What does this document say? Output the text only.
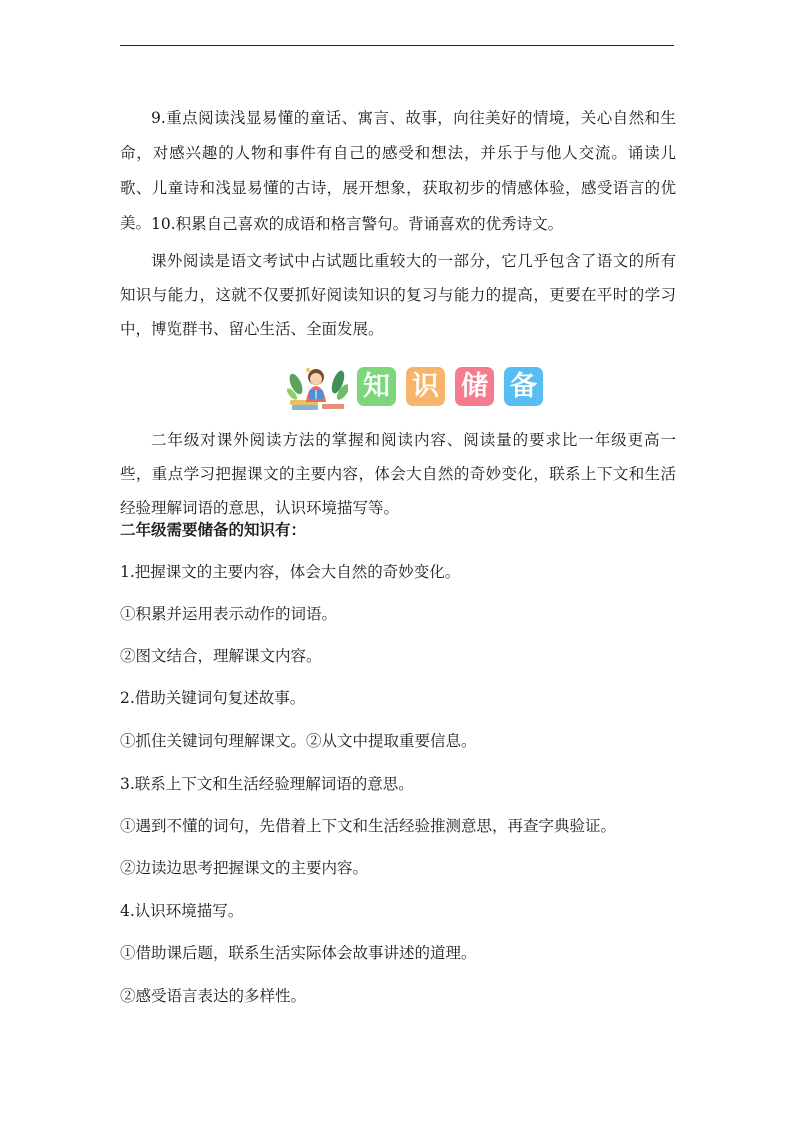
9.重点阅读浅显易懂的童话、寓言、故事，向往美好的情境，关心自然和生命，对感兴趣的人物和事件有自己的感受和想法，并乐于与他人交流。诵读儿歌、儿童诗和浅显易懂的古诗，展开想象，获取初步的情感体验，感受语言的优美。 10.积累自己喜欢的成语和格言警句。背诵喜欢的优秀诗文。

课外阅读是语文考试中占试题比重较大的一部分，它几乎包含了语文的所有知识与能力，这就不仅要抓好阅读知识的复习与能力的提高，更要在平时的学习中，博览群书、留心生活、全面发展。

二年级对课外阅读方法的掌握和阅读内容、阅读量的要求比一年级更高一些，重点学习把握课文的主要内容，体会大自然的奇妙变化，联系上下文和生活经验理解词语的意思，认识环境描写等。

二年级需要储备的知识有：

1.把握课文的主要内容，体会大自然的奇妙变化。

①积累并运用表示动作的词语。

②图文结合，理解课文内容。

2.借助关键词句复述故事。

①抓住关键词句理解课文。②从文中提取重要信息。

3.联系上下文和生活经验理解词语的意思。

①遇到不懂的词句，先借着上下文和生活经验推测意思，再查字典验证。

②边读边思考把握课文的主要内容。

4.认识环境描写。

①借助课后题，联系生活实际体会故事讲述的道理。

②感受语言表达的多样性。

知 识 储 备
